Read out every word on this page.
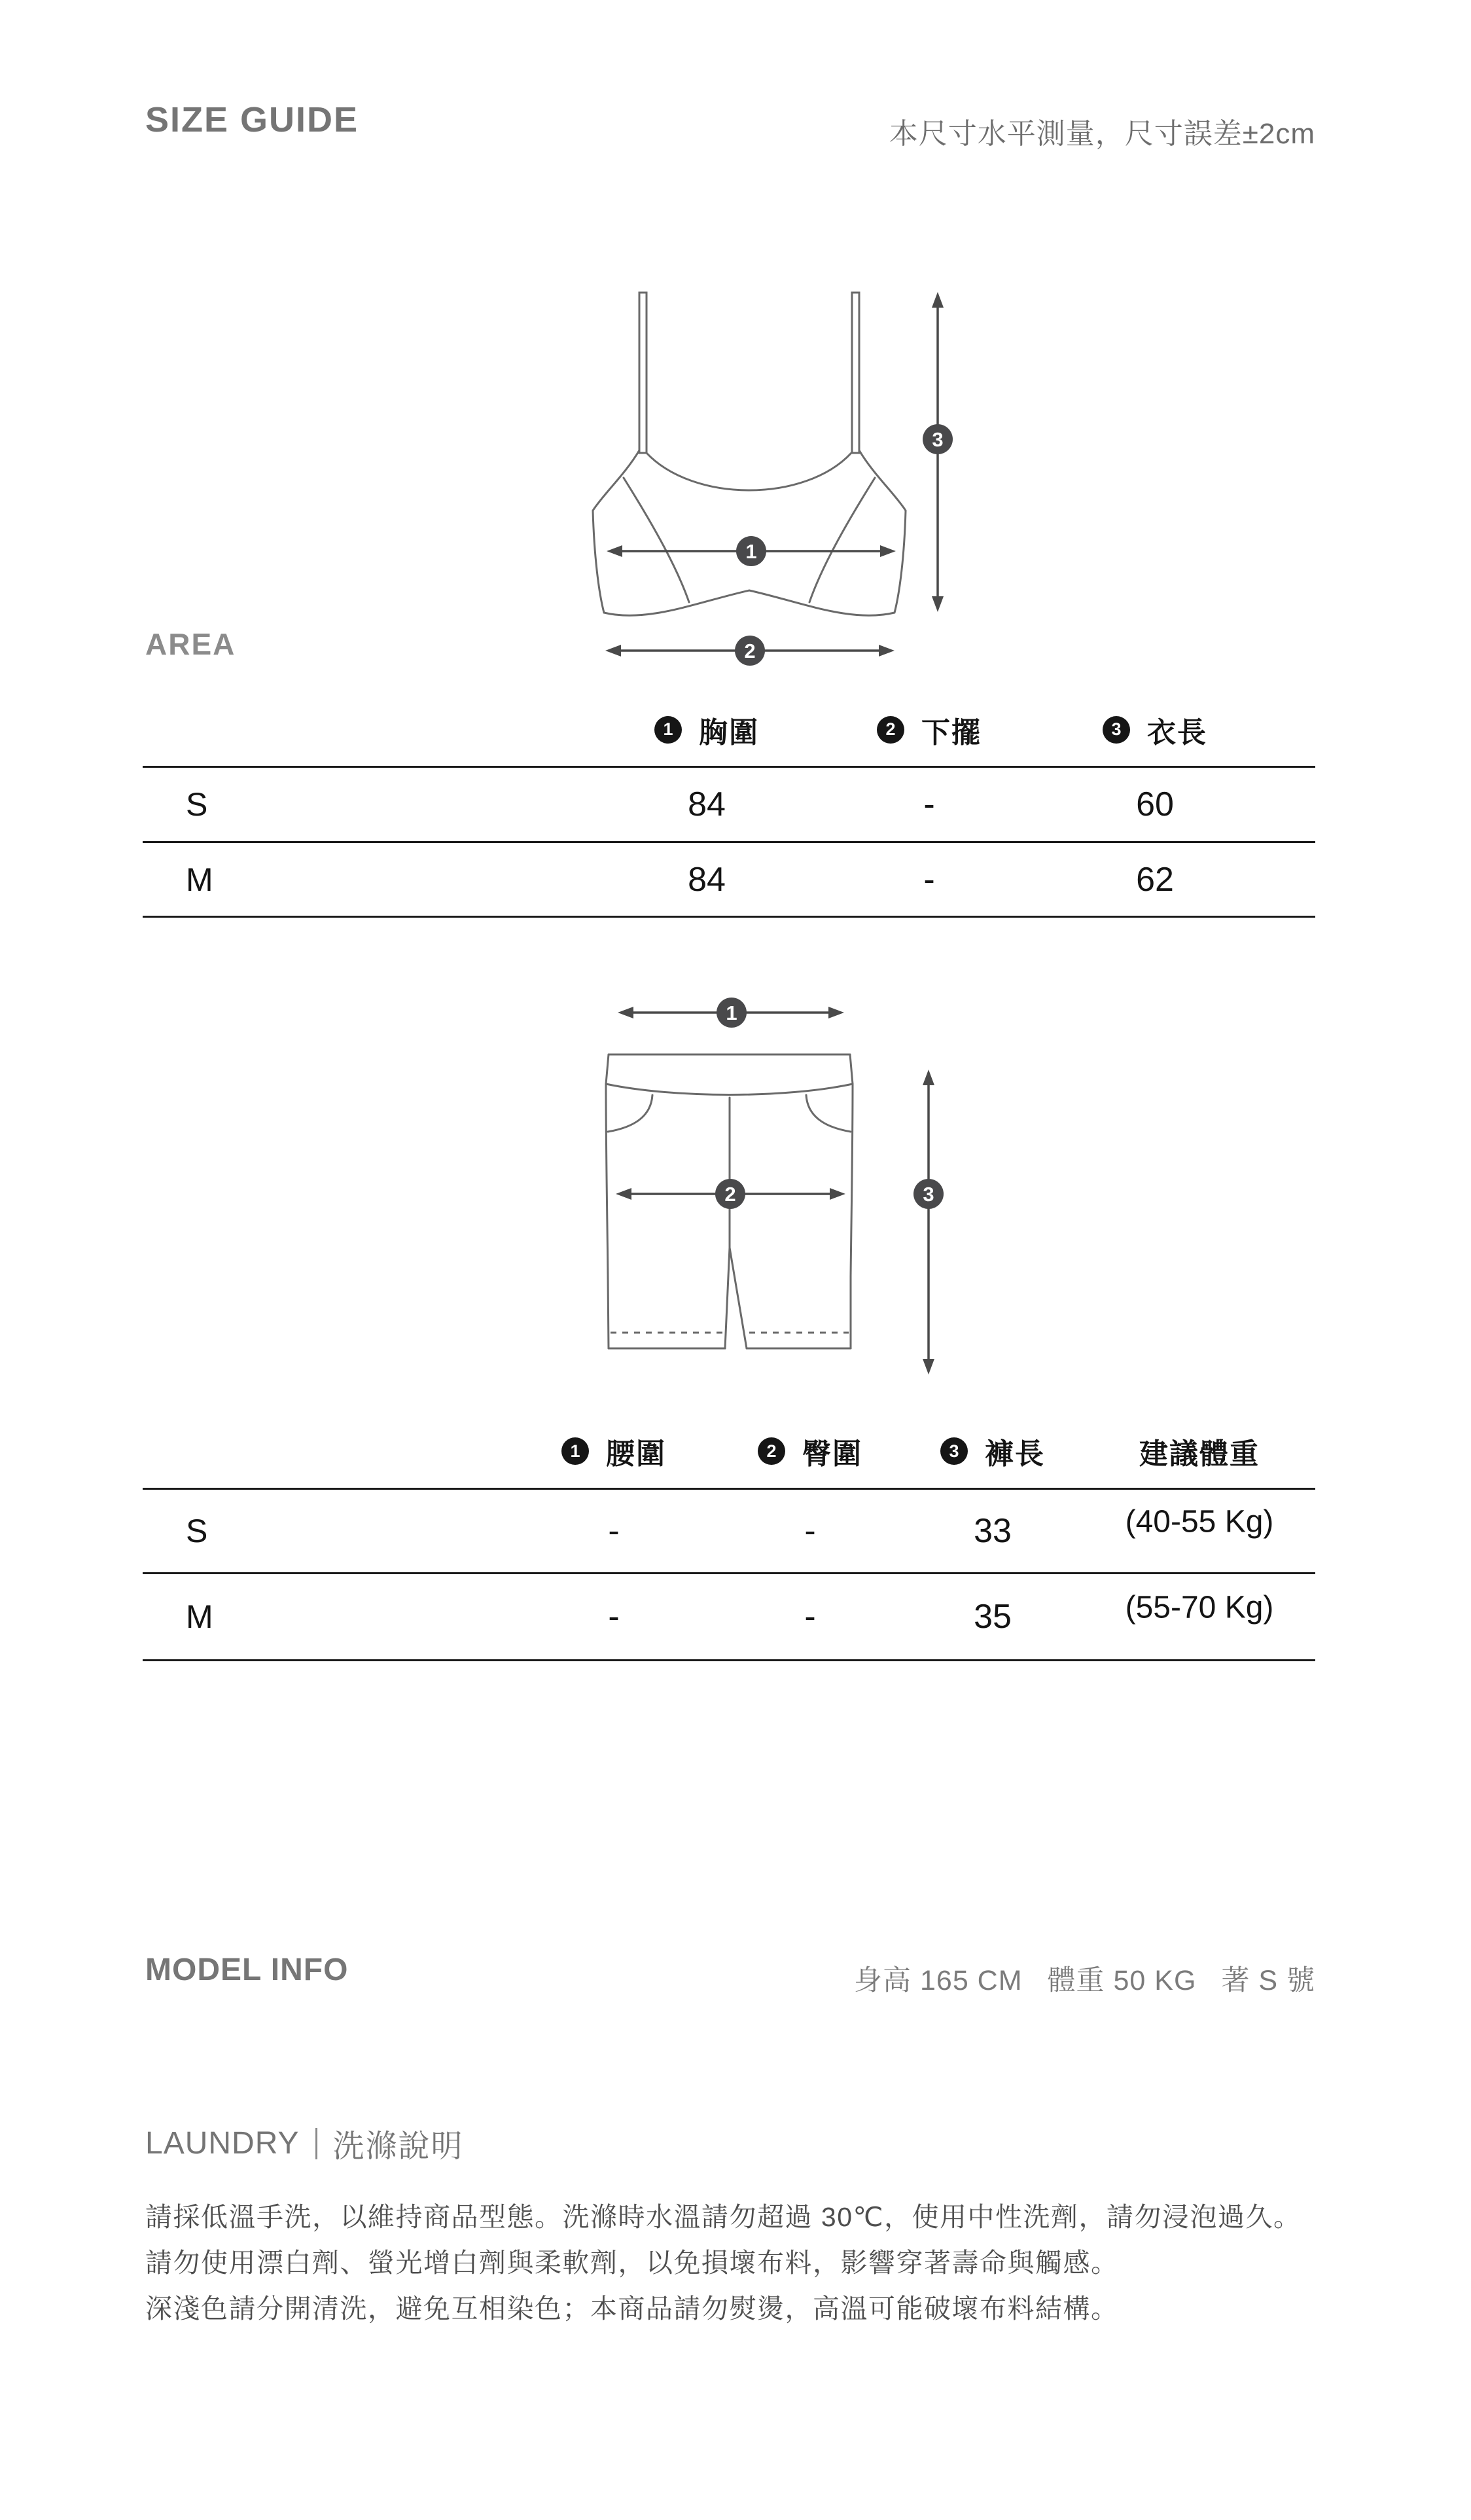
SIZE GUIDE	本尺寸水平測量，尺寸誤差±2cm
1
2
3
AREA
1 胸圍	2 下擺	3 衣長
S	84	-	60
M	84	-	62
1
2	3
1 腰圍	2 臀圍	3 褲長	建議體重
S	-	-	33	(40-55 Kg)
M	-	-	35	(55-70 Kg)
MODEL INFO	身高 165 CM 體重 50 KG 著 S 號
LAUNDRY 洗滌說明
請採低溫手洗，以維持商品型態。洗滌時水溫請勿超過 30℃，使用中性洗劑，請勿浸泡過久。
請勿使用漂白劑、螢光增白劑與柔軟劑，以免損壞布料，影響穿著壽命與觸感。
深淺色請分開清洗，避免互相染色；本商品請勿熨燙，高溫可能破壞布料結構。
